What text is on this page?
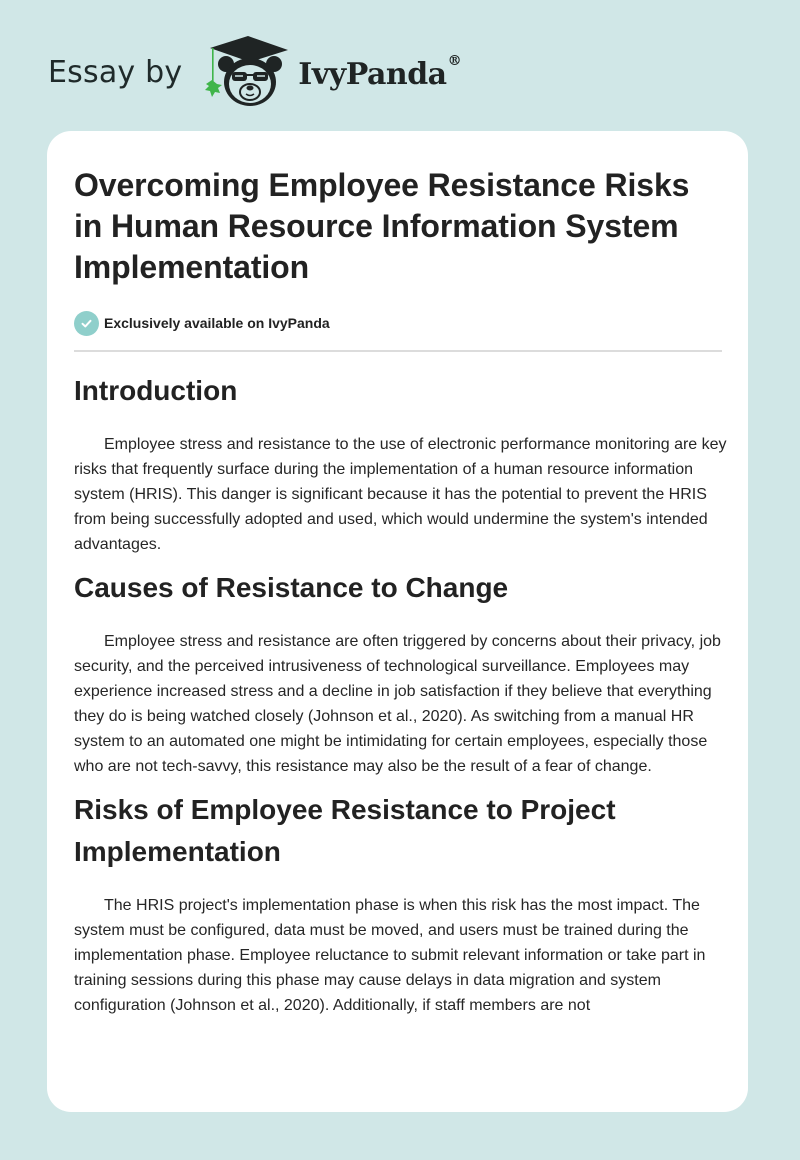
Essay by	IvyPanda®
Overcoming Employee Resistance Risks in Human Resource Information System Implementation
Exclusively available on IvyPanda
Introduction

Employee stress and resistance to the use of electronic performance monitoring are key risks that frequently surface during the implementation of a human resource information system (HRIS). This danger is significant because it has the potential to prevent the HRIS from being successfully adopted and used, which would undermine the system's intended advantages.

Causes of Resistance to Change

Employee stress and resistance are often triggered by concerns about their privacy, job security, and the perceived intrusiveness of technological surveillance. Employees may experience increased stress and a decline in job satisfaction if they believe that everything they do is being watched closely (Johnson et al., 2020). As switching from a manual HR system to an automated one might be intimidating for certain employees, especially those who are not tech-savvy, this resistance may also be the result of a fear of change.

Risks of Employee Resistance to Project Implementation

The HRIS project's implementation phase is when this risk has the most impact. The system must be configured, data must be moved, and users must be trained during the implementation phase. Employee reluctance to submit relevant information or take part in training sessions during this phase may cause delays in data migration and system configuration (Johnson et al., 2020). Additionally, if staff members are not
